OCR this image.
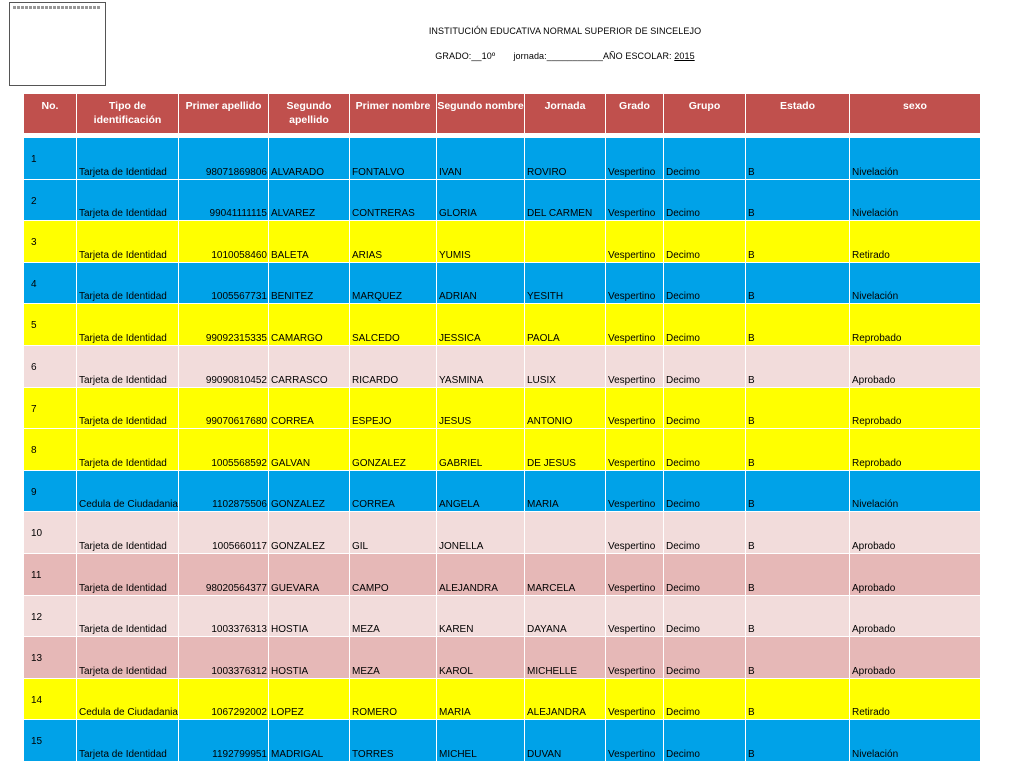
INSTITUCIÓN EDUCATIVA NORMAL SUPERIOR DE SINCELEJO
GRADO:__10º jornada:___________AÑO ESCOLAR: 2015
No.	Tipo de identificación	Primer apellido	Segundo apellido	Primer nombre	Segundo nombre	Jornada	Grado	Grupo	Estado	sexo

1	Tarjeta de Identidad	98071869806	ALVARADO	FONTALVO	IVAN	ROVIRO	Vespertino	Decimo	B	Nivelación
2	Tarjeta de Identidad	99041111115	ALVAREZ	CONTRERAS	GLORIA	DEL CARMEN	Vespertino	Decimo	B	Nivelación
3	Tarjeta de Identidad	1010058460	BALETA	ARIAS	YUMIS		Vespertino	Decimo	B	Retirado
4	Tarjeta de Identidad	1005567731	BENITEZ	MARQUEZ	ADRIAN	YESITH	Vespertino	Decimo	B	Nivelación
5	Tarjeta de Identidad	99092315335	CAMARGO	SALCEDO	JESSICA	PAOLA	Vespertino	Decimo	B	Reprobado
6	Tarjeta de Identidad	99090810452	CARRASCO	RICARDO	YASMINA	LUSIX	Vespertino	Decimo	B	Aprobado
7	Tarjeta de Identidad	99070617680	CORREA	ESPEJO	JESUS	ANTONIO	Vespertino	Decimo	B	Reprobado
8	Tarjeta de Identidad	1005568592	GALVAN	GONZALEZ	GABRIEL	DE JESUS	Vespertino	Decimo	B	Reprobado
9	Cedula de Ciudadania	1102875506	GONZALEZ	CORREA	ANGELA	MARIA	Vespertino	Decimo	B	Nivelación
10	Tarjeta de Identidad	1005660117	GONZALEZ	GIL	JONELLA		Vespertino	Decimo	B	Aprobado
11	Tarjeta de Identidad	98020564377	GUEVARA	CAMPO	ALEJANDRA	MARCELA	Vespertino	Decimo	B	Aprobado
12	Tarjeta de Identidad	1003376313	HOSTIA	MEZA	KAREN	DAYANA	Vespertino	Decimo	B	Aprobado
13	Tarjeta de Identidad	1003376312	HOSTIA	MEZA	KAROL	MICHELLE	Vespertino	Decimo	B	Aprobado
14	Cedula de Ciudadania	1067292002	LOPEZ	ROMERO	MARIA	ALEJANDRA	Vespertino	Decimo	B	Retirado
15	Tarjeta de Identidad	1192799951	MADRIGAL	TORRES	MICHEL	DUVAN	Vespertino	Decimo	B	Nivelación
